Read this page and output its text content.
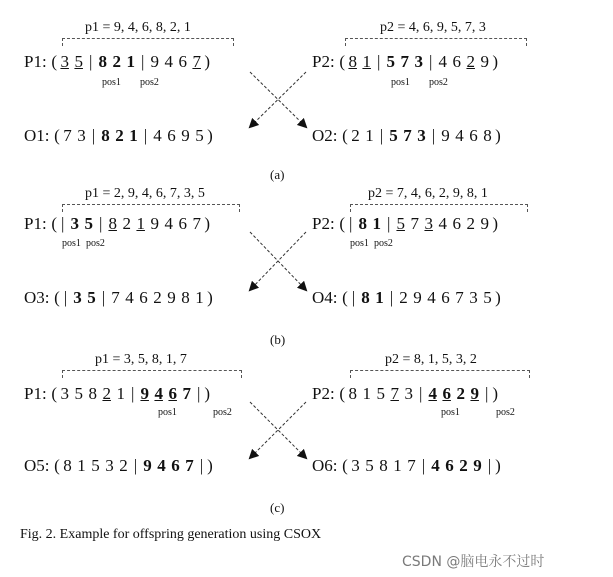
p1 = 9, 4, 6, 8, 2, 1	p2 = 4, 6, 9, 5, 7, 3
P1: ( 3 5 | 8 2 1 | 9 4 6 7 )	P2: ( 8 1 | 5 7 3 | 4 6 2 9 )
pos1 pos2	pos1 pos2
O1: ( 7 3 | 8 2 1 | 4 6 9 5 )	O2: ( 2 1 | 5 7 3 | 9 4 6 8 )
(a)
p1 = 2, 9, 4, 6, 7, 3, 5	p2 = 7, 4, 6, 2, 9, 8, 1
P1: ( | 3 5 | 8 2 1 9 4 6 7 )	P2: ( | 8 1 | 5 7 3 4 6 2 9 )
pos1 pos2	pos1 pos2
O3: ( | 3 5 | 7 4 6 2 9 8 1 )	O4: ( | 8 1 | 2 9 4 6 7 3 5 )
(b)
p1 = 3, 5, 8, 1, 7	p2 = 8, 1, 5, 3, 2
P1: ( 3 5 8 2 1 | 9 4 6 7 | )	P2: ( 8 1 5 7 3 | 4 6 2 9 | )
pos1	pos2	pos1	pos2
O5: ( 8 1 5 3 2 | 9 4 6 7 | )	O6: ( 3 5 8 1 7 | 4 6 2 9 | )
(c)
Fig. 2. Example for offspring generation using CSOX
CSDN @脑电永不过时
